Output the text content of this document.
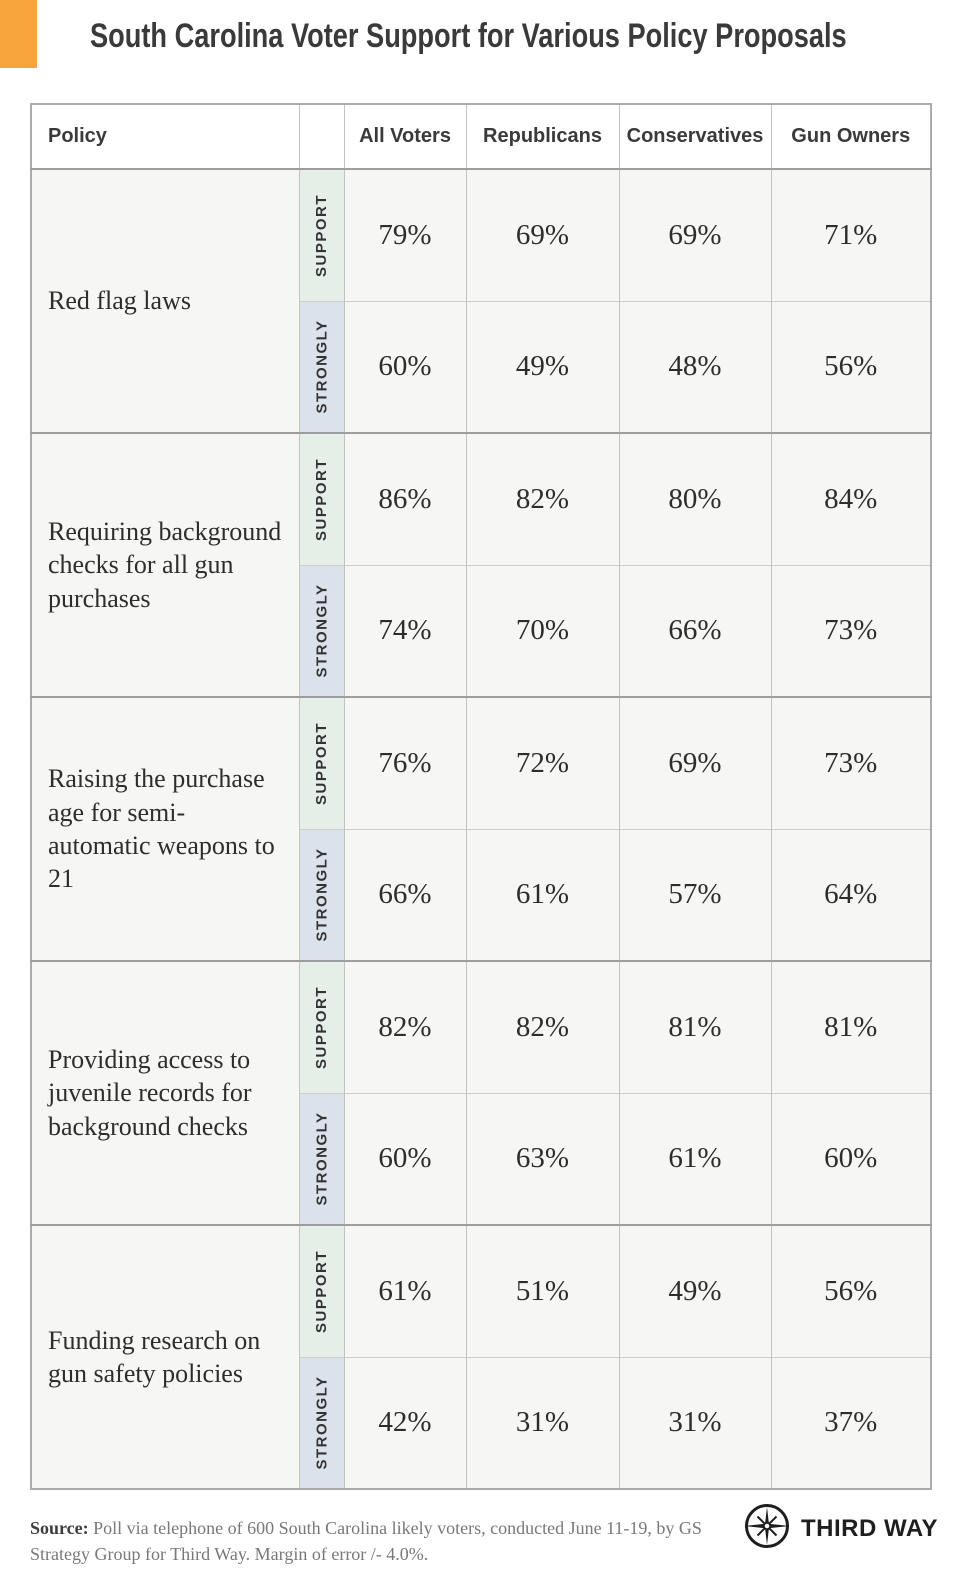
South Carolina Voter Support for Various Policy Proposals
Policy		All Voters	Republicans	Conservatives	Gun Owners
Red flag laws	SUPPORT	79%	69%	69%	71%

	STRONGLY	60%	49%	48%	56%
Requiring background checks for all gun purchases	SUPPORT	86%	82%	80%	84%

	STRONGLY	74%	70%	66%	73%
Raising the purchase age for semi-automatic weapons to 21	SUPPORT	76%	72%	69%	73%

	STRONGLY	66%	61%	57%	64%
Providing access to juvenile records for background checks	SUPPORT	82%	82%	81%	81%

	STRONGLY	60%	63%	61%	60%
Funding research on gun safety policies	SUPPORT	61%	51%	49%	56%

	STRONGLY	42%	31%	31%	37%

Source: Poll via telephone of 600 South Carolina likely voters, conducted June 11-19, by GS
Strategy Group for Third Way. Margin of error /- 4.0%.

THIRD WAY
